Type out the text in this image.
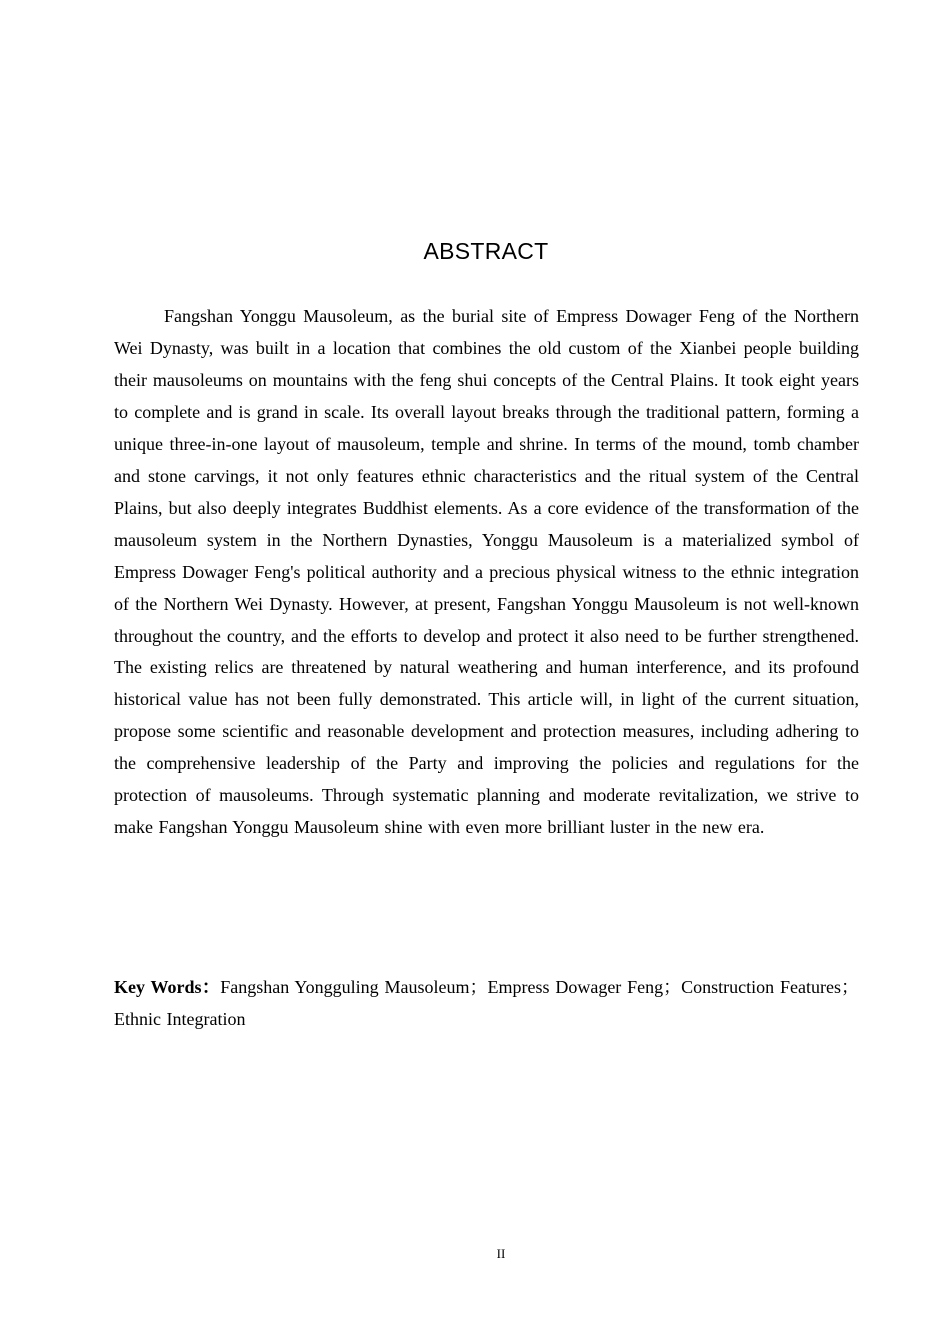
ABSTRACT

Fangshan Yonggu Mausoleum, as the burial site of Empress Dowager Feng of the Northern Wei Dynasty, was built in a location that combines the old custom of the Xianbei people building their mausoleums on mountains with the feng shui concepts of the Central Plains. It took eight years to complete and is grand in scale. Its overall layout breaks through the traditional pattern, forming a unique three-in-one layout of mausoleum, temple and shrine. In terms of the mound, tomb chamber and stone carvings, it not only features ethnic characteristics and the ritual system of the Central Plains, but also deeply integrates Buddhist elements. As a core evidence of the transformation of the mausoleum system in the Northern Dynasties, Yonggu Mausoleum is a materialized symbol of Empress Dowager Feng's political authority and a precious physical witness to the ethnic integration of the Northern Wei Dynasty. However, at present, Fangshan Yonggu Mausoleum is not well-known throughout the country, and the efforts to develop and protect it also need to be further strengthened. The existing relics are threatened by natural weathering and human interference, and its profound historical value has not been fully demonstrated. This article will, in light of the current situation, propose some scientific and reasonable development and protection measures, including adhering to the comprehensive leadership of the Party and improving the policies and regulations for the protection of mausoleums. Through systematic planning and moderate revitalization, we strive to make Fangshan Yonggu Mausoleum shine with even more brilliant luster in the new era.

Key Words：Fangshan Yongguling Mausoleum；Empress Dowager Feng；Construction Features；Ethnic Integration

II
